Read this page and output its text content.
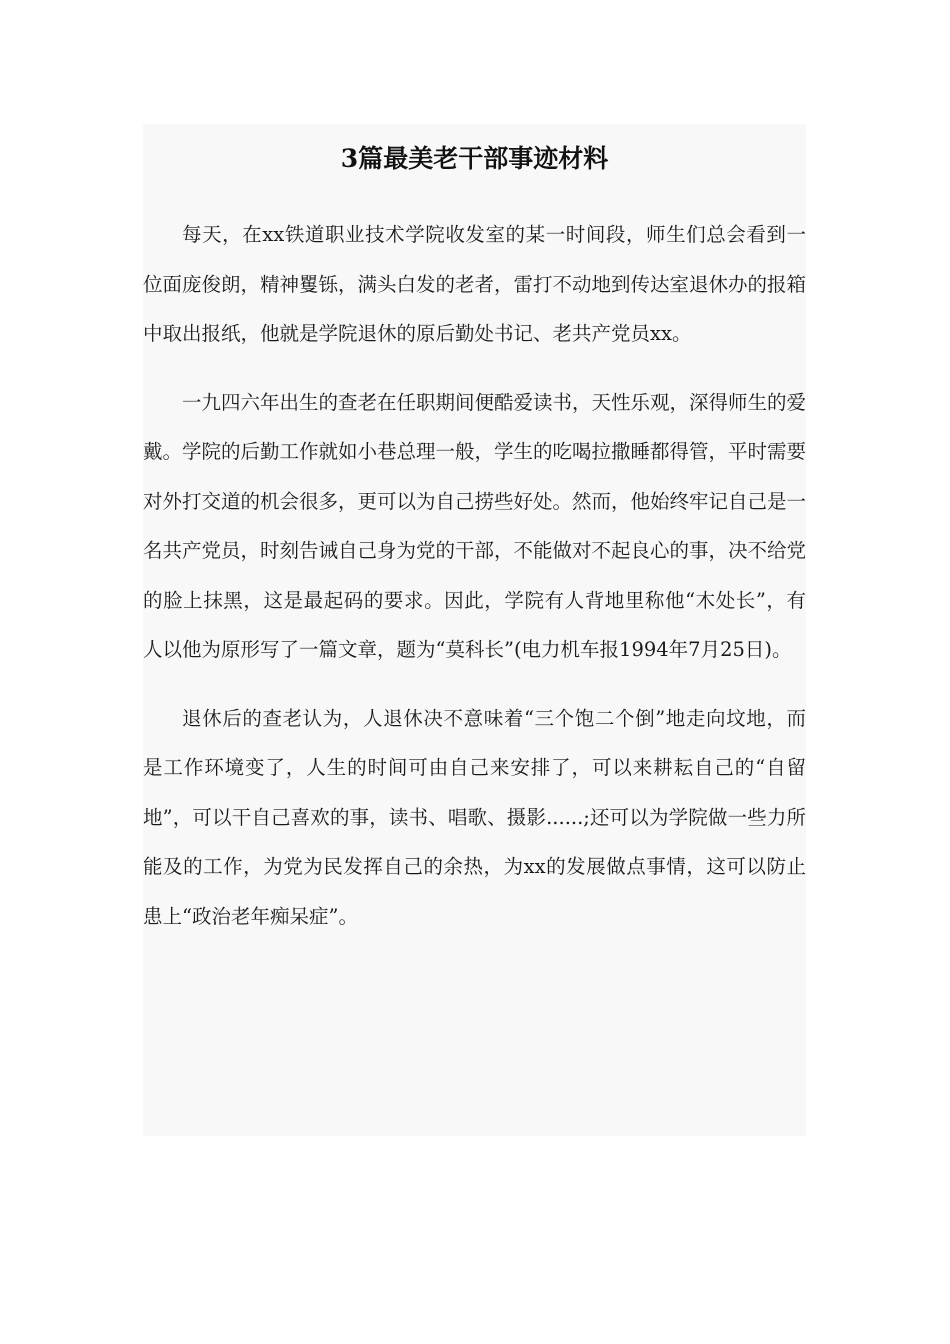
3篇最美老干部事迹材料

每天，在xx铁道职业技术学院收发室的某一时间段，师生们总会看到一位面庞俊朗，精神矍铄，满头白发的老者，雷打不动地到传达室退休办的报箱中取出报纸，他就是学院退休的原后勤处书记、老共产党员xx。

一九四六年出生的查老在任职期间便酷爱读书，天性乐观，深得师生的爱戴。学院的后勤工作就如小巷总理一般，学生的吃喝拉撒睡都得管，平时需要对外打交道的机会很多，更可以为自己捞些好处。然而，他始终牢记自己是一名共产党员，时刻告诫自己身为党的干部，不能做对不起良心的事，决不给党的脸上抹黑，这是最起码的要求。因此，学院有人背地里称他“木处长”，有人以他为原形写了一篇文章，题为“莫科长”(电力机车报1994年7月25日)。

退休后的查老认为，人退休决不意味着“三个饱二个倒”地走向坟地，而是工作环境变了，人生的时间可由自己来安排了，可以来耕耘自己的“自留地”，可以干自己喜欢的事，读书、唱歌、摄影......;还可以为学院做一些力所能及的工作，为党为民发挥自己的余热，为xx的发展做点事情，这可以防止患上“政治老年痴呆症”。
